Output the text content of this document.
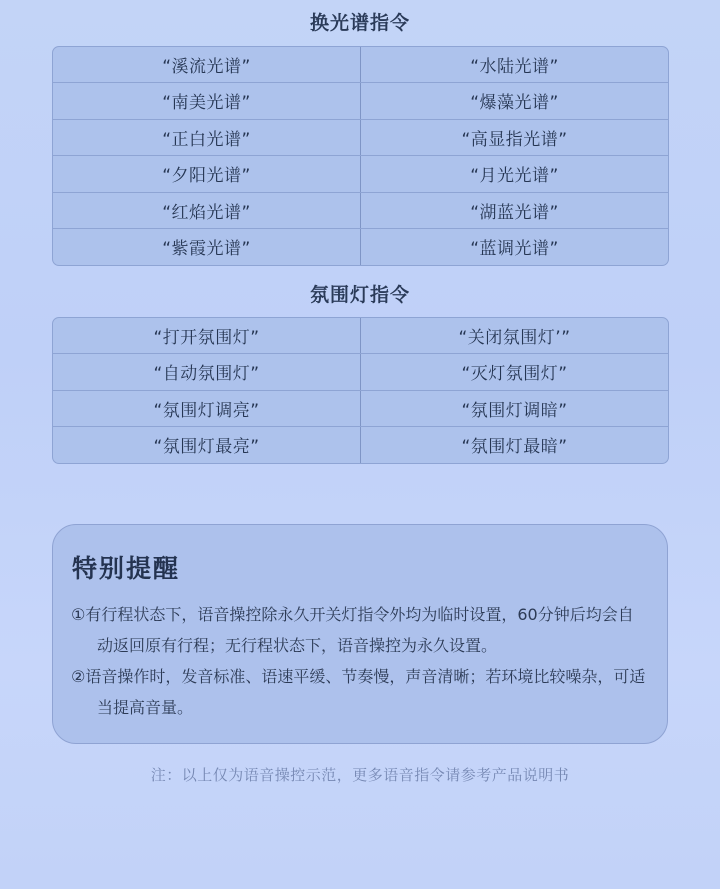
换光谱指令
“溪流光谱”	“水陆光谱”
“南美光谱”	“爆藻光谱”
“正白光谱”	“高显指光谱”
“夕阳光谱”	“月光光谱”
“红焰光谱”	“湖蓝光谱”
“紫霞光谱”	“蓝调光谱”
氛围灯指令
“打开氛围灯”	“关闭氛围灯’”
“自动氛围灯”	“灭灯氛围灯”
“氛围灯调亮”	“氛围灯调暗”
“氛围灯最亮”	“氛围灯最暗”
特别提醒
①有行程状态下，语音操控除永久开关灯指令外均为临时设置，60分钟后均会自动返回原有行程；无行程状态下，语音操控为永久设置。
②语音操作时，发音标准、语速平缓、节奏慢，声音清晰；若环境比较噪杂，可适当提高音量。
注：以上仅为语音操控示范，更多语音指令请参考产品说明书
